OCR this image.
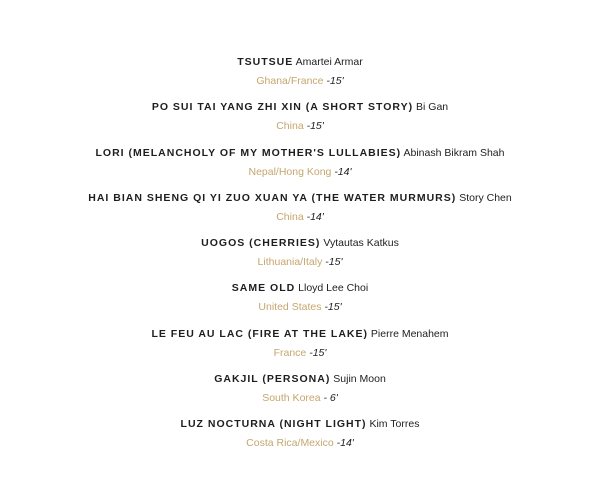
TSUTSUE Amartei Armar
Ghana/France -15'
PO SUI TAI YANG ZHI XIN (A SHORT STORY) Bi Gan
China -15'
LORI (MELANCHOLY OF MY MOTHER'S LULLABIES) Abinash Bikram Shah
Nepal/Hong Kong -14'
HAI BIAN SHENG QI YI ZUO XUAN YA (THE WATER MURMURS) Story Chen
China -14'
UOGOS (CHERRIES) Vytautas Katkus
Lithuania/Italy -15'
SAME OLD Lloyd Lee Choi
United States -15'
LE FEU AU LAC (FIRE AT THE LAKE) Pierre Menahem
France -15'
GAKJIL (PERSONA) Sujin Moon
South Korea - 6'
LUZ NOCTURNA (NIGHT LIGHT) Kim Torres
Costa Rica/Mexico -14'
